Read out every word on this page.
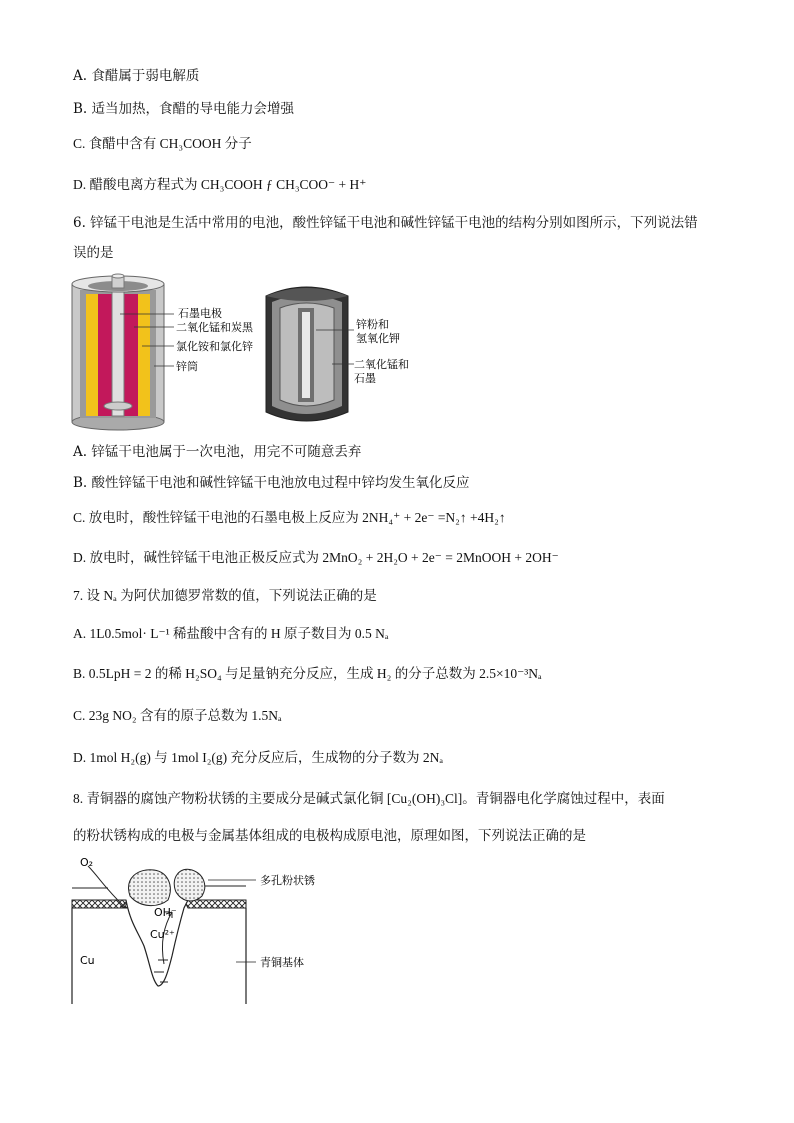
A. 食醋属于弱电解质
B. 适当加热，食醋的导电能力会增强
C. 食醋中含有 CH₃COOH 分子
D. 醋酸电离方程式为 CH₃COOH ƒ CH₃COO⁻ + H⁺
6. 锌锰干电池是生活中常用的电池，酸性锌锰干电池和碱性锌锰干电池的结构分别如图所示，下列说法错
误的是
石墨电极
二氧化锰和炭黑
氯化铵和氯化锌
锌筒
锌粉和
氢氧化钾
二氧化锰和
石墨
A. 锌锰干电池属于一次电池，用完不可随意丢弃
B. 酸性锌锰干电池和碱性锌锰干电池放电过程中锌均发生氧化反应
C. 放电时，酸性锌锰干电池的石墨电极上反应为 2NH₄⁺ + 2e⁻ =N₂↑ +4H₂↑
D. 放电时，碱性锌锰干电池正极反应式为 2MnO₂ + 2H₂O + 2e⁻ = 2MnOOH + 2OH⁻
7. 设 Nₐ 为阿伏加德罗常数的值，下列说法正确的是
A. 1L0.5mol· L⁻¹ 稀盐酸中含有的 H 原子数目为 0.5 Nₐ
B. 0.5LpH = 2 的稀 H₂SO₄ 与足量钠充分反应，生成 H₂ 的分子总数为 2.5×10⁻³Nₐ
C. 23g NO₂ 含有的原子总数为 1.5Nₐ
D. 1mol H₂(g) 与 1mol I₂(g) 充分反应后，生成物的分子数为 2Nₐ
8. 青铜器的腐蚀产物粉状锈的主要成分是碱式氯化铜 [Cu₂(OH)₃Cl]。青铜器电化学腐蚀过程中，表面
的粉状锈构成的电极与金属基体组成的电极构成原电池，原理如图，下列说法正确的是
O₂
OH⁻
Cu²⁺
Cu
多孔粉状锈
青铜基体
